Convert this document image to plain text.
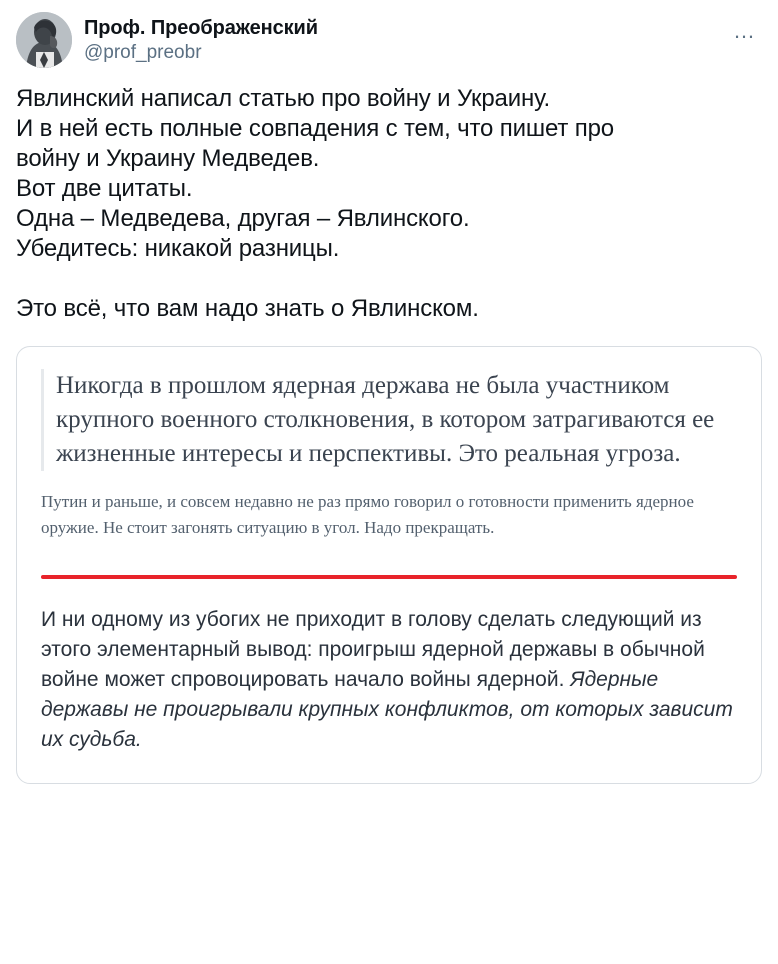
Проф. Преображенский
@prof_preobr
…

Явлинский написал статью про войну и Украину.

И в ней есть полные совпадения с тем, что пишет про

войну и Украину Медведев.

Вот две цитаты.

Одна – Медведева, другая – Явлинского.

Убедитесь: никакой разницы.

Это всё, что вам надо знать о Явлинском.

Никогда в прошлом ядерная держава не была участником крупного военного столкновения, в котором затрагиваются ее жизненные интересы и перспективы. Это реальная угроза.

Путин и раньше, и совсем недавно не раз прямо говорил о готовности применить ядерное оружие. Не стоит загонять ситуацию в угол. Надо прекращать.

И ни одному из убогих не приходит в голову сделать следующий из этого элементарный вывод: проигрыш ядерной державы в обычной войне может спровоцировать начало войны ядерной. Ядерные державы не проигрывали крупных конфликтов, от которых зависит их судьба.
